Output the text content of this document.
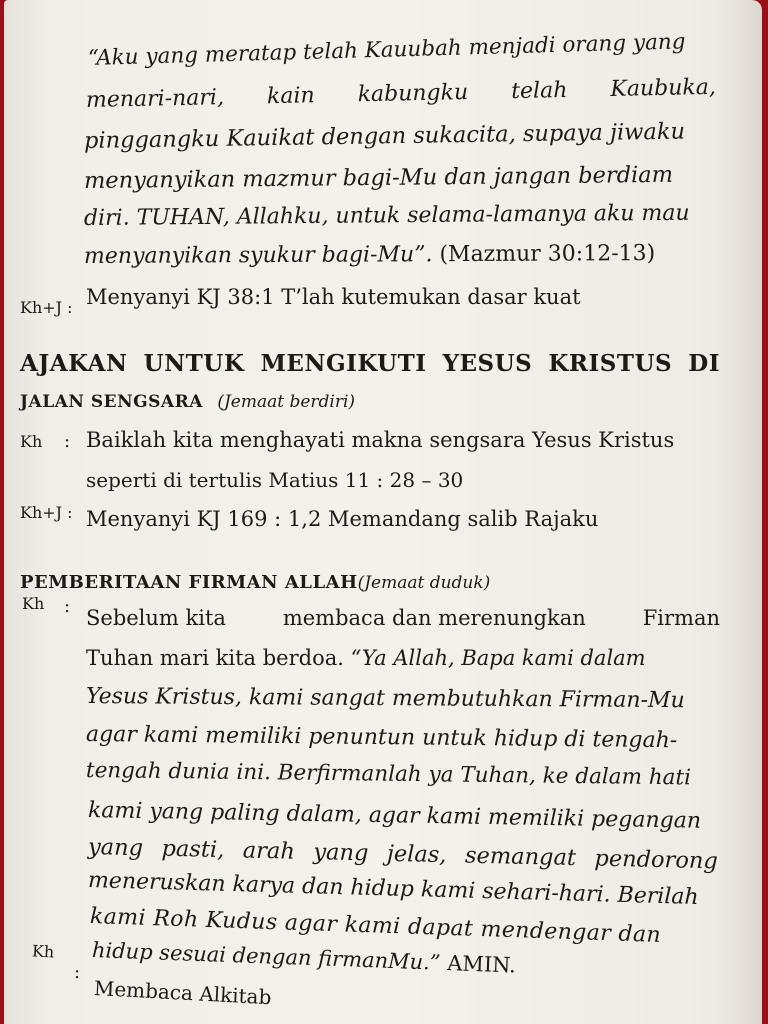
“Aku yang meratap telah Kauubah menjadi orang yang
menari-nari, kain kabungku telah Kaubuka,
pinggangku Kauikat dengan sukacita, supaya jiwaku
menyanyikan mazmur bagi-Mu dan jangan berdiam
diri. TUHAN, Allahku, untuk selama-lamanya aku mau
menyanyikan syukur bagi-Mu”. (Mazmur 30:12-13)
Kh+J : Menyanyi KJ 38:1 T’lah kutemukan dasar kuat
AJAKAN UNTUK MENGIKUTI YESUS KRISTUS DI
JALAN SENGSARA (Jemaat berdiri)
Kh : Baiklah kita menghayati makna sengsara Yesus Kristus
seperti di tertulis Matius 11 : 28 – 30
Kh+J : Menyanyi KJ 169 : 1,2 Memandang salib Rajaku
PEMBERITAAN FIRMAN ALLAH(Jemaat duduk)
Kh : Sebelum kita	membaca dan merenungkan	Firman
Tuhan mari kita berdoa. “Ya Allah, Bapa kami dalam
Yesus Kristus, kami sangat membutuhkan Firman-Mu
agar kami memiliki penuntun untuk hidup di tengah-
tengah dunia ini. Berfirmanlah ya Tuhan, ke dalam hati
kami yang paling dalam, agar kami memiliki pegangan
yang pasti, arah yang jelas, semangat pendorong
meneruskan karya dan hidup kami sehari-hari. Berilah
kami Roh Kudus agar kami dapat mendengar dan
hidup sesuai dengan firmanMu.” AMIN.
Kh
:
Membaca Alkitab
